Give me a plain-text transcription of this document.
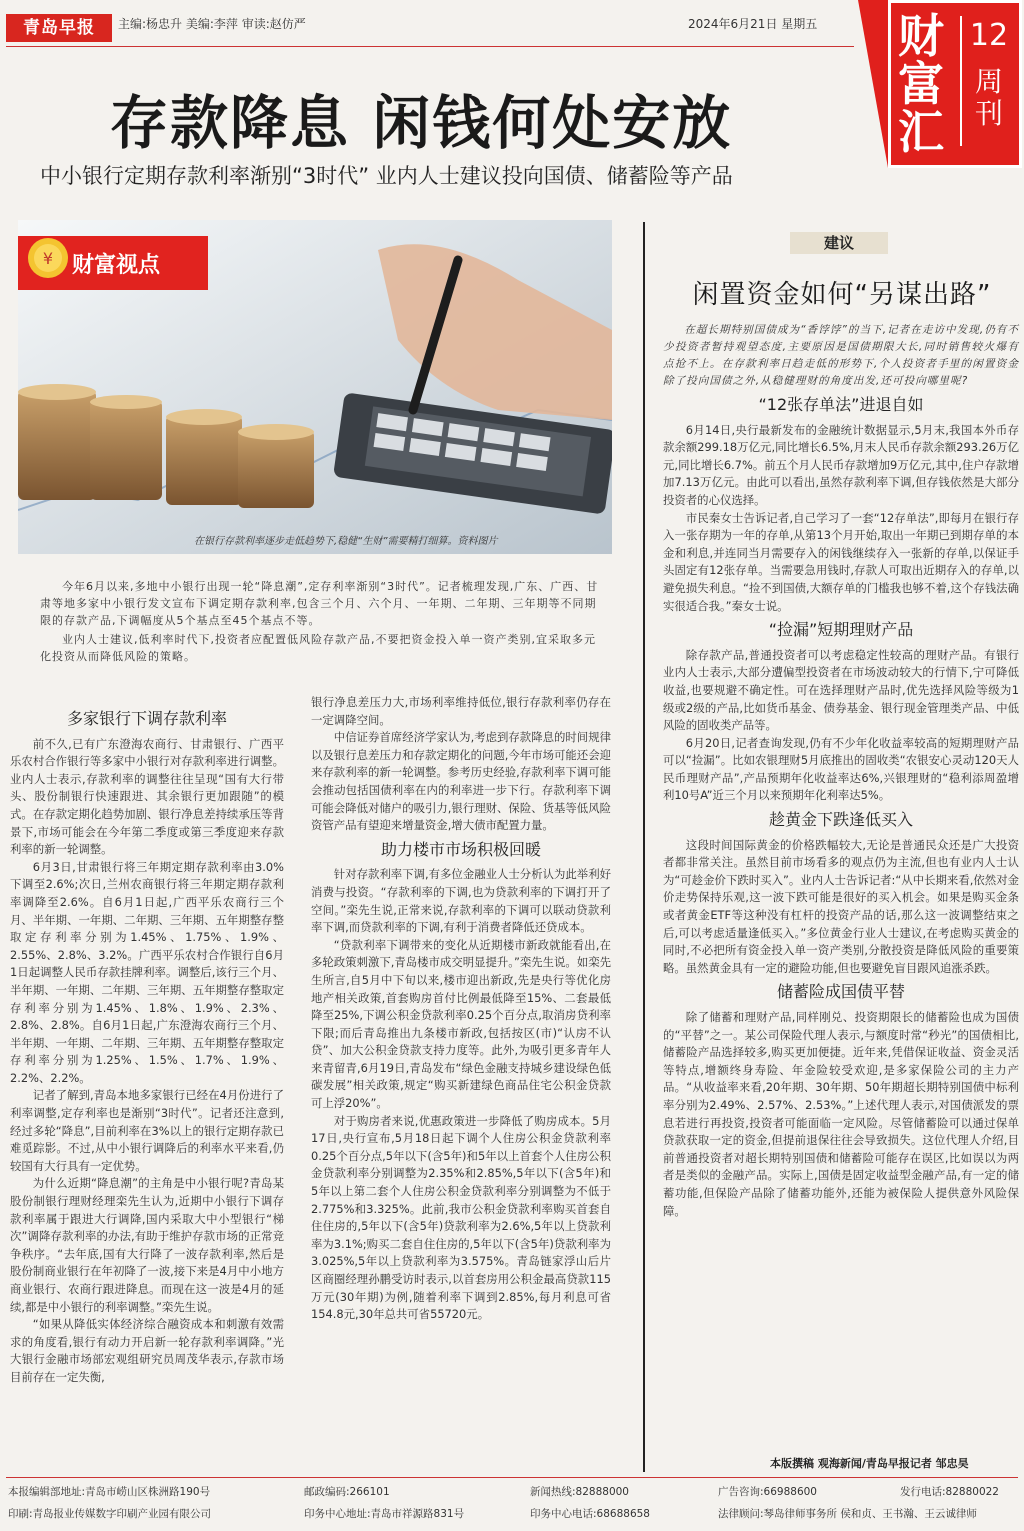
青岛早报	主编:杨忠升 美编:李萍 审读:赵仿严	2024年6月21日 星期五 财富汇
12
周刊
存款降息 闲钱何处安放
中小银行定期存款利率渐别“3时代” 业内人士建议投向国债、储蓄险等产品
¥ 财富视点
在银行存款利率逐步走低趋势下,稳健“生财”需要精打细算。资料图片

今年6月以来,多地中小银行出现一轮“降息潮”,定存利率渐别“3时代”。记者梳理发现,广东、广西、甘肃等地多家中小银行发文宣布下调定期存款利率,包含三个月、六个月、一年期、二年期、三年期等不同期限的存款产品,下调幅度从5个基点至45个基点不等。

业内人士建议,低利率时代下,投资者应配置低风险存款产品,不要把资金投入单一资产类别,宜采取多元化投资从而降低风险的策略。

多家银行下调存款利率

前不久,已有广东澄海农商行、甘肃银行、广西平乐农村合作银行等多家中小银行对存款利率进行调整。业内人士表示,存款利率的调整往往呈现“国有大行带头、股份制银行快速跟进、其余银行更加跟随”的模式。在存款定期化趋势加剧、银行净息差持续承压等背景下,市场可能会在今年第二季度或第三季度迎来存款利率的新一轮调整。

6月3日,甘肃银行将三年期定期存款利率由3.0%下调至2.6%;次日,兰州农商银行将三年期定期存款利率调降至2.6%。自6月1日起,广西平乐农商行三个月、半年期、一年期、二年期、三年期、五年期整存整取定存利率分别为1.45%、1.75%、1.9%、2.55%、2.8%、3.2%。广西平乐农村合作银行自6月1日起调整人民币存款挂牌利率。调整后,该行三个月、半年期、一年期、二年期、三年期、五年期整存整取定存利率分别为1.45%、1.8%、1.9%、2.3%、2.8%、2.8%。自6月1日起,广东澄海农商行三个月、半年期、一年期、二年期、三年期、五年期整存整取定存利率分别为1.25%、1.5%、1.7%、1.9%、2.2%、2.2%。

记者了解到,青岛本地多家银行已经在4月份进行了利率调整,定存利率也是渐别“3时代”。记者还注意到,经过多轮“降息”,目前利率在3%以上的银行定期存款已难觅踪影。不过,从中小银行调降后的利率水平来看,仍较国有大行具有一定优势。

为什么近期“降息潮”的主角是中小银行呢?青岛某股份制银行理财经理栾先生认为,近期中小银行下调存款利率属于跟进大行调降,国内采取大中小型银行“梯次”调降存款利率的办法,有助于维护存款市场的正常竞争秩序。“去年底,国有大行降了一波存款利率,然后是股份制商业银行在年初降了一波,接下来是4月中小地方商业银行、农商行跟进降息。而现在这一波是4月的延续,都是中小银行的利率调整。”栾先生说。

“如果从降低实体经济综合融资成本和刺激有效需求的角度看,银行有动力开启新一轮存款利率调降。”光大银行金融市场部宏观组研究员周茂华表示,存款市场目前存在一定失衡,

银行净息差压力大,市场利率维持低位,银行存款利率仍存在一定调降空间。

中信证券首席经济学家认为,考虑到存款降息的时间规律以及银行息差压力和存款定期化的问题,今年市场可能还会迎来存款利率的新一轮调整。参考历史经验,存款利率下调可能会推动包括国债利率在内的利率进一步下行。存款利率下调可能会降低对储户的吸引力,银行理财、保险、货基等低风险资管产品有望迎来增量资金,增大债市配置力量。

助力楼市市场积极回暖

针对存款利率下调,有多位金融业人士分析认为此举利好消费与投资。“存款利率的下调,也为贷款利率的下调打开了空间。”栾先生说,正常来说,存款利率的下调可以联动贷款利率下调,而贷款利率的下调,有利于消费者降低还贷成本。

“贷款利率下调带来的变化从近期楼市新政就能看出,在多轮政策刺激下,青岛楼市成交明显提升。”栾先生说。如栾先生所言,自5月中下旬以来,楼市迎出新政,先是央行等优化房地产相关政策,首套购房首付比例最低降至15%、二套最低降至25%,下调公积金贷款利率0.25个百分点,取消房贷利率下限;而后青岛推出九条楼市新政,包括按区(市)“认房不认贷”、加大公积金贷款支持力度等。此外,为吸引更多青年人来青留青,6月19日,青岛发布“绿色金融支持城乡建设绿色低碳发展”相关政策,规定“购买新建绿色商品住宅公积金贷款可上浮20%”。

对于购房者来说,优惠政策进一步降低了购房成本。5月17日,央行宣布,5月18日起下调个人住房公积金贷款利率0.25个百分点,5年以下(含5年)和5年以上首套个人住房公积金贷款利率分别调整为2.35%和2.85%,5年以下(含5年)和5年以上第二套个人住房公积金贷款利率分别调整为不低于2.775%和3.325%。此前,我市公积金贷款利率购买首套自住住房的,5年以下(含5年)贷款利率为2.6%,5年以上贷款利率为3.1%;购买二套自住住房的,5年以下(含5年)贷款利率为3.025%,5年以上贷款利率为3.575%。青岛链家浮山后片区商圈经理孙鹏受访时表示,以首套房用公积金最高贷款115万元(30年期)为例,随着利率下调到2.85%,每月利息可省154.8元,30年总共可省55720元。

建议
闲置资金如何“另谋出路”

在超长期特别国债成为“香饽饽”的当下,记者在走访中发现,仍有不少投资者暂持观望态度,主要原因是国债期限大长,同时销售较火爆有点抢不上。在存款利率日趋走低的形势下,个人投资者手里的闲置资金除了投向国债之外,从稳健理财的角度出发,还可投向哪里呢?

“12张存单法”进退自如

6月14日,央行最新发布的金融统计数据显示,5月末,我国本外币存款余额299.18万亿元,同比增长6.5%,月末人民币存款余额293.26万亿元,同比增长6.7%。前五个月人民币存款增加9万亿元,其中,住户存款增加7.13万亿元。由此可以看出,虽然存款利率下调,但存钱依然是大部分投资者的心仪选择。

市民秦女士告诉记者,自己学习了一套“12存单法”,即每月在银行存入一张存期为一年的存单,从第13个月开始,取出一年期已到期存单的本金和利息,并连同当月需要存入的闲钱继续存入一张新的存单,以保证手头固定有12张存单。当需要急用钱时,存款人可取出近期存入的存单,以避免损失利息。“捡不到国债,大额存单的门槛我也够不着,这个存钱法确实很适合我。”秦女士说。

“捡漏”短期理财产品

除存款产品,普通投资者可以考虑稳定性较高的理财产品。有银行业内人士表示,大部分遭偏型投资者在市场波动较大的行情下,宁可降低收益,也要规避不确定性。可在选择理财产品时,优先选择风险等级为1级或2级的产品,比如货币基金、债券基金、银行现金管理类产品、中低风险的固收类产品等。

6月20日,记者查询发现,仍有不少年化收益率较高的短期理财产品可以“捡漏”。比如农银理财5月底推出的固收类“农银安心灵动120天人民币理财产品”,产品预期年化收益率达6%,兴银理财的“稳利添周盈增利10号A”近三个月以来预期年化利率达5%。

趁黄金下跌逢低买入

这段时间国际黄金的价格跌幅较大,无论是普通民众还是广大投资者都非常关注。虽然目前市场看多的观点仍为主流,但也有业内人士认为“可趁金价下跌时买入”。业内人士告诉记者:“从中长期来看,依然对金价走势保持乐观,这一波下跌可能是很好的买入机会。如果是购买金条或者黄金ETF等这种没有杠杆的投资产品的话,那么这一波调整结束之后,可以考虑适量逢低买入。”多位黄金行业人士建议,在考虑购买黄金的同时,不必把所有资金投入单一资产类别,分散投资是降低风险的重要策略。虽然黄金具有一定的避险功能,但也要避免盲目跟风追涨杀跌。

储蓄险成国债平替

除了储蓄和理财产品,同样刚兑、投资期限长的储蓄险也成为国债的“平替”之一。某公司保险代理人表示,与额度时常“秒光”的国债相比,储蓄险产品选择较多,购买更加便捷。近年来,凭借保证收益、资金灵活等特点,增额终身寿险、年金险较受欢迎,是多家保险公司的主力产品。“从收益率来看,20年期、30年期、50年期超长期特别国债中标利率分别为2.49%、2.57%、2.53%。”上述代理人表示,对国债派发的票息若进行再投资,投资者可能面临一定风险。尽管储蓄险可以通过保单贷款获取一定的资金,但提前退保往往会导致损失。这位代理人介绍,目前普通投资者对超长期特别国债和储蓄险可能存在误区,比如误以为两者是类似的金融产品。实际上,国债是固定收益型金融产品,有一定的储蓄功能,但保险产品除了储蓄功能外,还能为被保险人提供意外风险保障。

本版撰稿 观海新闻/青岛早报记者 邹忠昊
本报编辑部地址:青岛市崂山区株洲路190号	邮政编码:266101	新闻热线:82888000	广告咨询:66988600	发行电话:82880022
印刷:青岛报业传媒数字印刷产业园有限公司	印务中心地址:青岛市祥源路831号	印务中心电话:68688658	法律顾问:琴岛律师事务所 侯和贞、王书瀚、王云诚律师
